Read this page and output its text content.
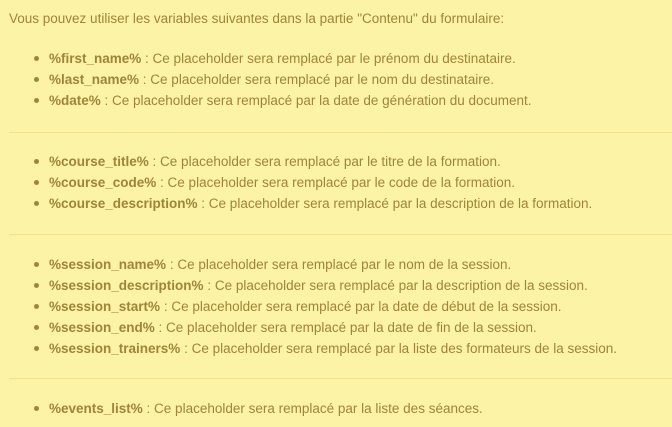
Vous pouvez utiliser les variables suivantes dans la partie "Contenu" du formulaire:
%first_name% : Ce placeholder sera remplacé par le prénom du destinataire.
%last_name% : Ce placeholder sera remplacé par le nom du destinataire.
%date% : Ce placeholder sera remplacé par la date de génération du document.
%course_title% : Ce placeholder sera remplacé par le titre de la formation.
%course_code% : Ce placeholder sera remplacé par le code de la formation.
%course_description% : Ce placeholder sera remplacé par la description de la formation.
%session_name% : Ce placeholder sera remplacé par le nom de la session.
%session_description% : Ce placeholder sera remplacé par la description de la session.
%session_start% : Ce placeholder sera remplacé par la date de début de la session.
%session_end% : Ce placeholder sera remplacé par la date de fin de la session.
%session_trainers% : Ce placeholder sera remplacé par la liste des formateurs de la session.
%events_list% : Ce placeholder sera remplacé par la liste des séances.
